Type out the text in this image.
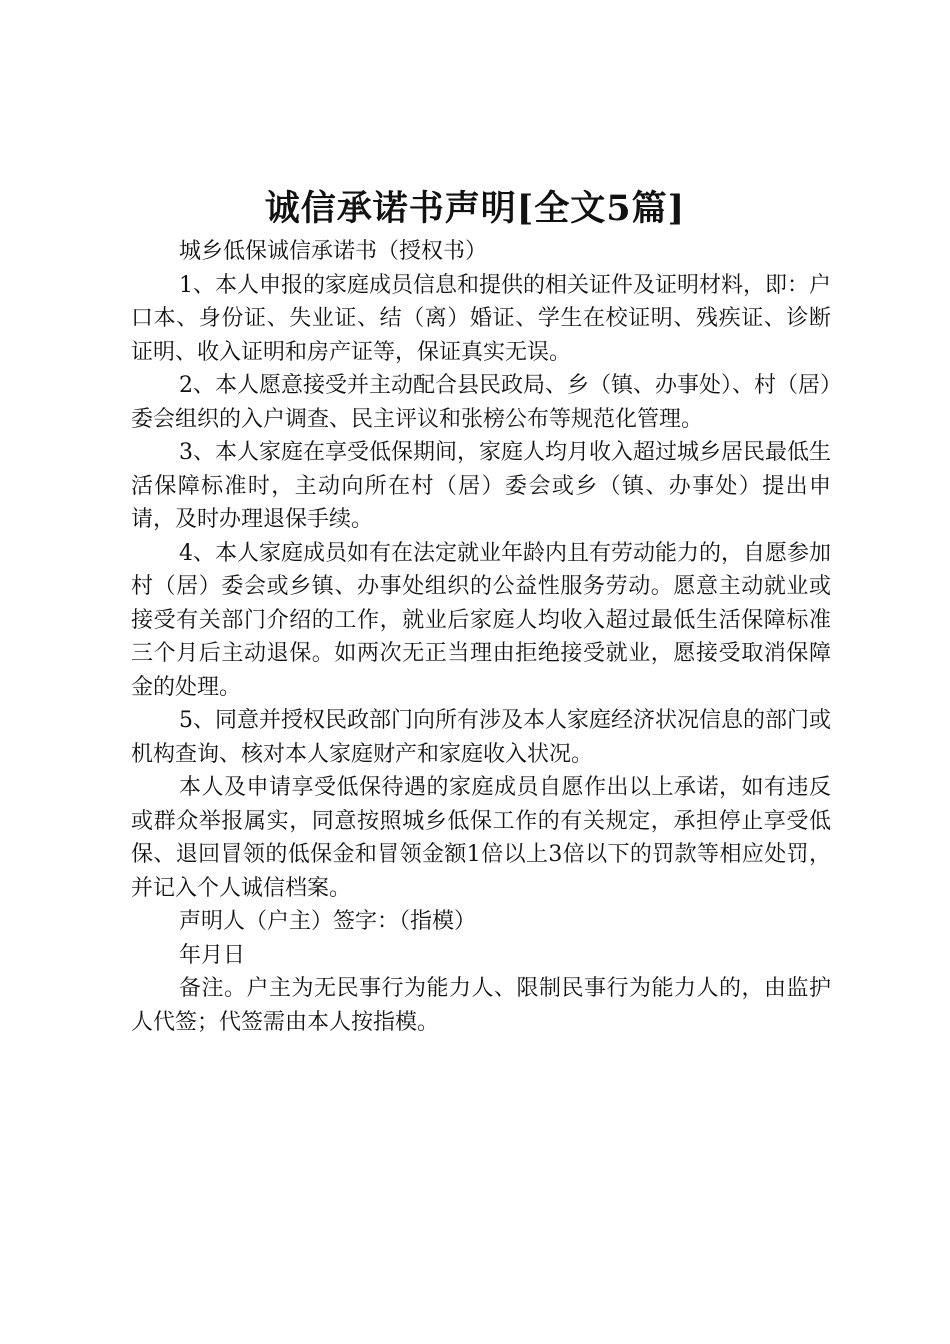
诚信承诺书声明[全文5篇]

城乡低保诚信承诺书（授权书）

1、本人申报的家庭成员信息和提供的相关证件及证明材料，即：户口本、身份证、失业证、结（离）婚证、学生在校证明、残疾证、诊断证明、收入证明和房产证等，保证真实无误。

2、本人愿意接受并主动配合县民政局、乡（镇、办事处）、村（居）委会组织的入户调查、民主评议和张榜公布等规范化管理。

3、本人家庭在享受低保期间，家庭人均月收入超过城乡居民最低生活保障标准时，主动向所在村（居）委会或乡（镇、办事处）提出申请，及时办理退保手续。

4、本人家庭成员如有在法定就业年龄内且有劳动能力的，自愿参加村（居）委会或乡镇、办事处组织的公益性服务劳动。愿意主动就业或接受有关部门介绍的工作，就业后家庭人均收入超过最低生活保障标准三个月后主动退保。如两次无正当理由拒绝接受就业，愿接受取消保障金的处理。

5、同意并授权民政部门向所有涉及本人家庭经济状况信息的部门或机构查询、核对本人家庭财产和家庭收入状况。

本人及申请享受低保待遇的家庭成员自愿作出以上承诺，如有违反或群众举报属实，同意按照城乡低保工作的有关规定，承担停止享受低保、退回冒领的低保金和冒领金额1倍以上3倍以下的罚款等相应处罚，并记入个人诚信档案。

声明人（户主）签字：（指模）

年月日

备注。户主为无民事行为能力人、限制民事行为能力人的，由监护人代签；代签需由本人按指模。
